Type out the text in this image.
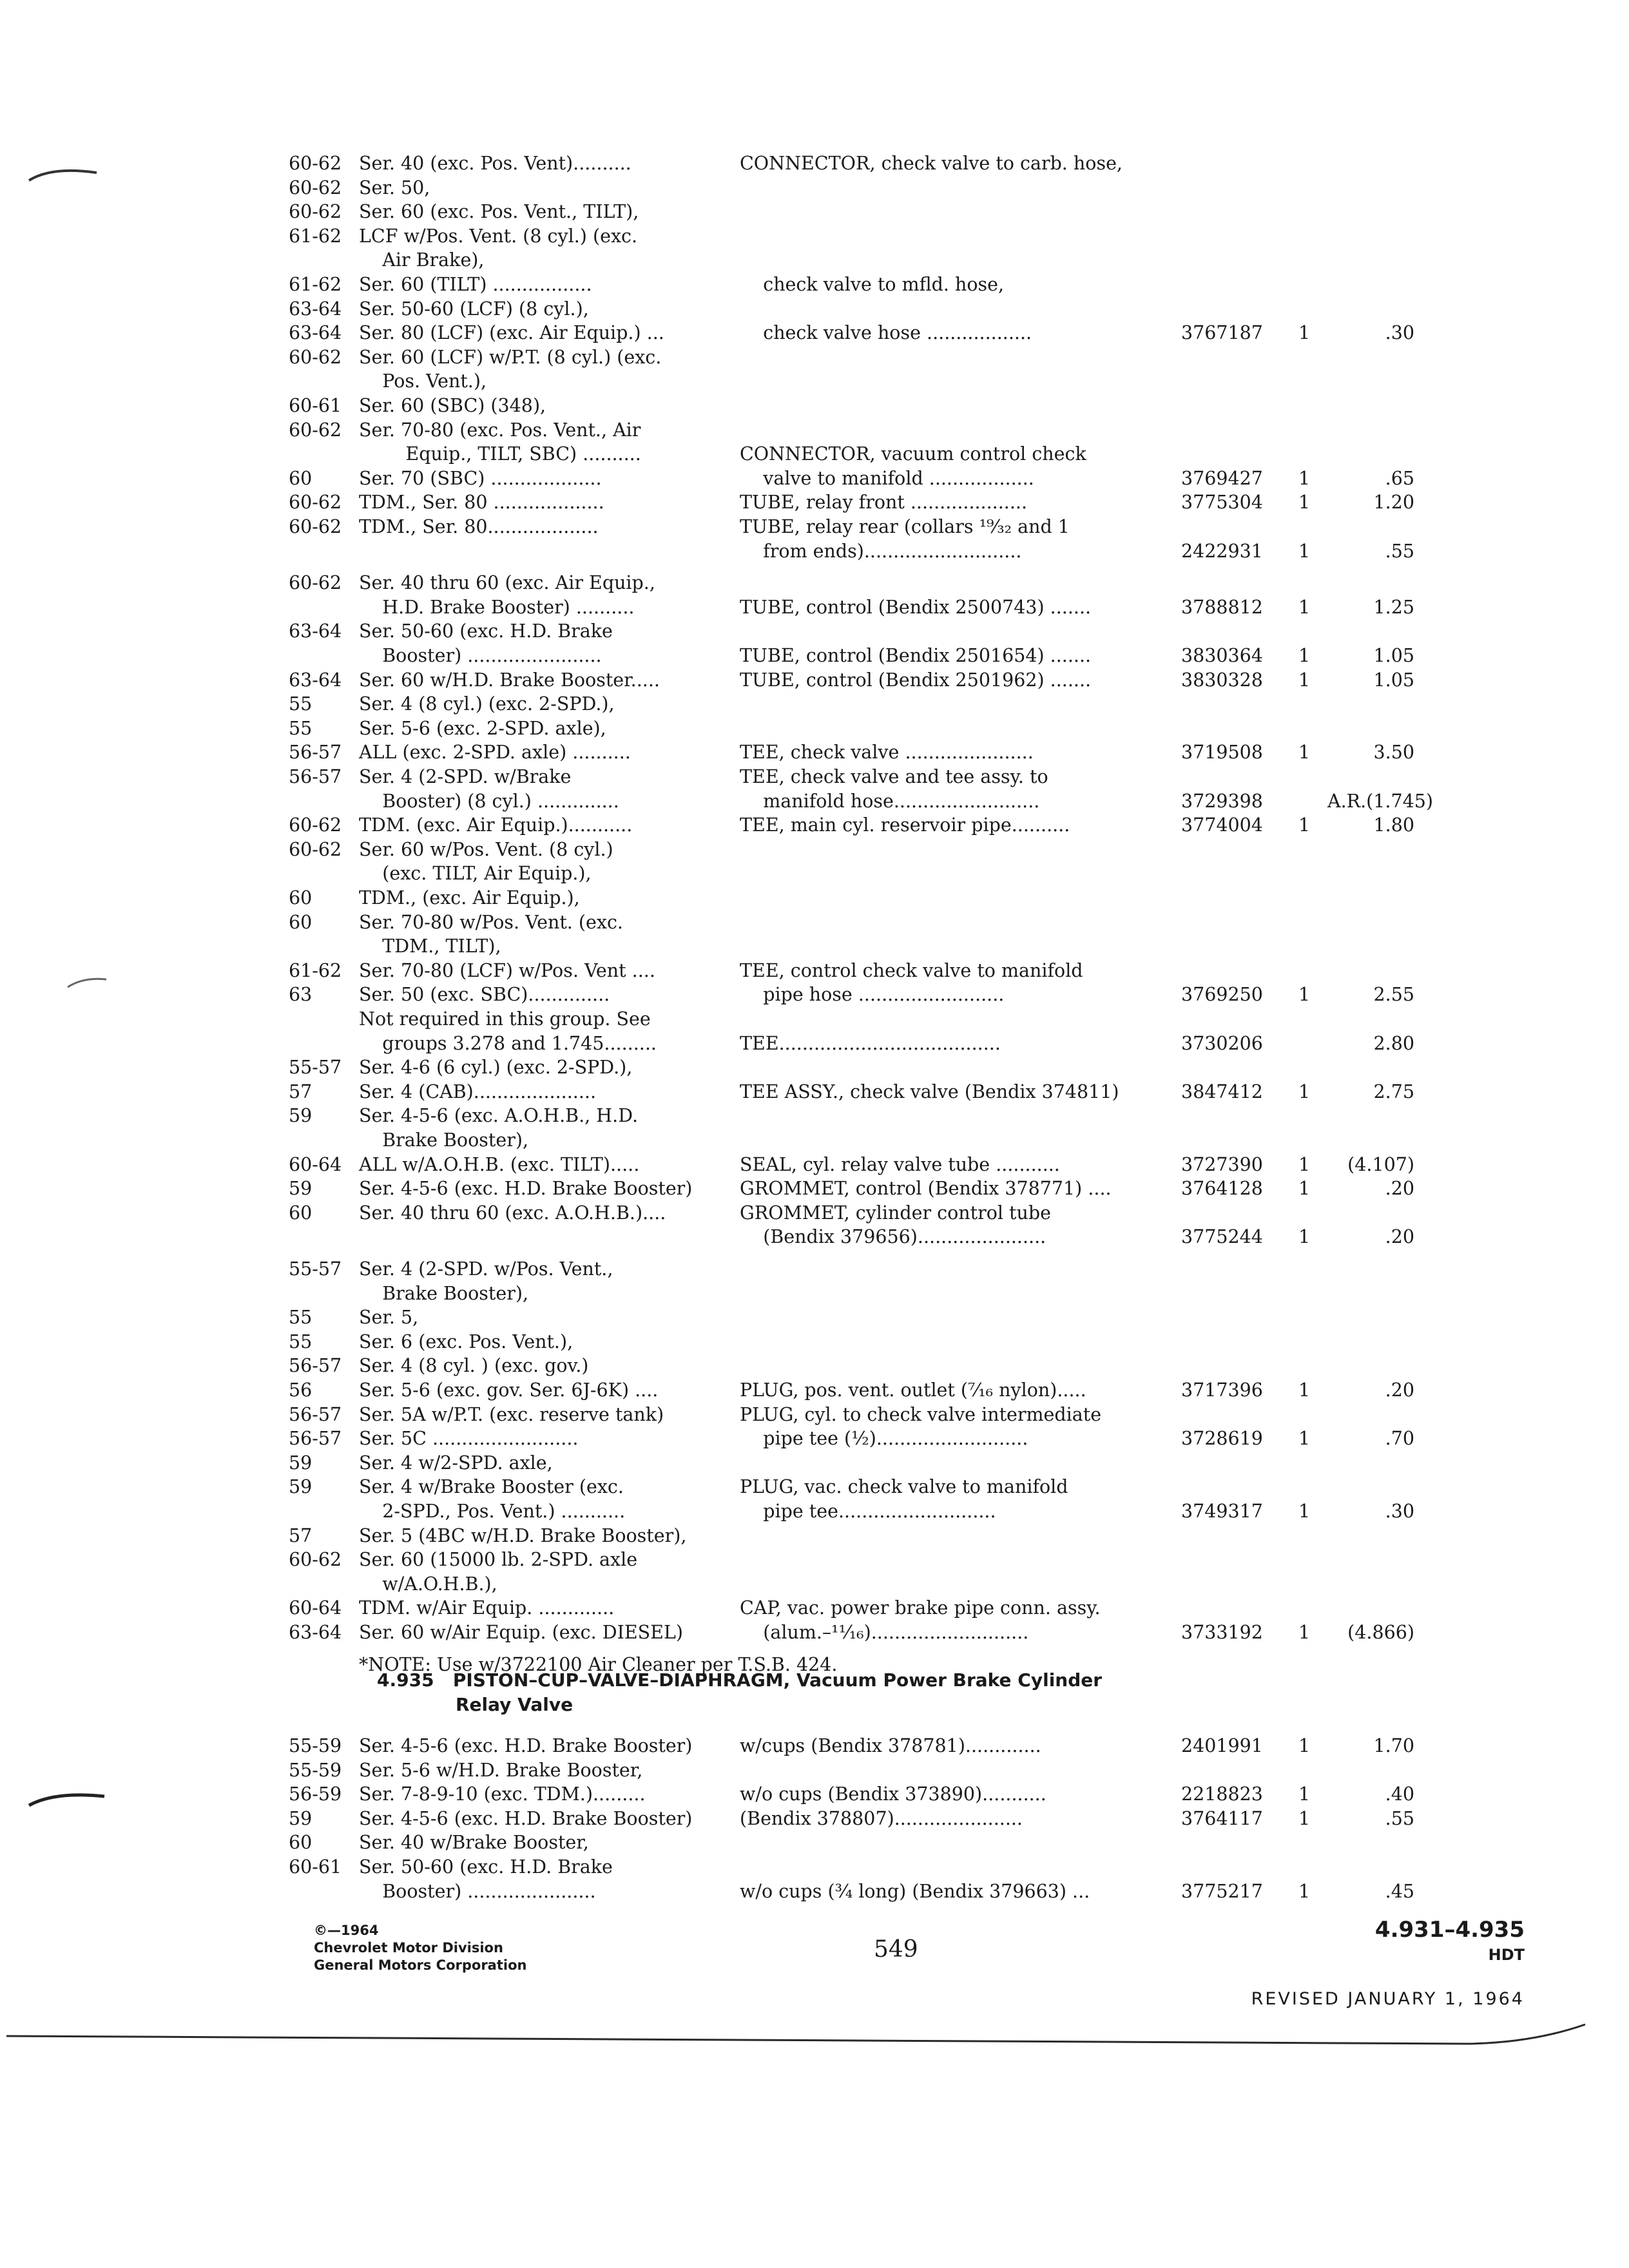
60-62 Ser. 40 (exc. Pos. Vent)..........	CONNECTOR, check valve to carb. hose,
60-62 Ser. 50,
60-62 Ser. 60 (exc. Pos. Vent., TILT),
61-62 LCF w/Pos. Vent. (8 cyl.) (exc.
Air Brake),
61-62 Ser. 60 (TILT) .................	check valve to mfld. hose,
63-64 Ser. 50-60 (LCF) (8 cyl.),
63-64 Ser. 80 (LCF) (exc. Air Equip.) ...	check valve hose ..................	3767187 1	.30
60-62 Ser. 60 (LCF) w/P.T. (8 cyl.) (exc.
Pos. Vent.),
60-61 Ser. 60 (SBC) (348),
60-62 Ser. 70-80 (exc. Pos. Vent., Air
Equip., TILT, SBC) ..........	CONNECTOR, vacuum control check
60	Ser. 70 (SBC) ...................	valve to manifold ..................	3769427 1	.65
60-62 TDM., Ser. 80 ...................	TUBE, relay front ....................	3775304 1	1.20
60-62 TDM., Ser. 80...................	TUBE, relay rear (collars ¹⁹⁄₃₂ and 1
from ends)...........................	2422931 1	.55
60-62 Ser. 40 thru 60 (exc. Air Equip.,
H.D. Brake Booster) ..........	TUBE, control (Bendix 2500743) .......	3788812 1	1.25
63-64 Ser. 50-60 (exc. H.D. Brake
Booster) .......................	TUBE, control (Bendix 2501654) .......	3830364 1	1.05
63-64 Ser. 60 w/H.D. Brake Booster.....	TUBE, control (Bendix 2501962) .......	3830328 1	1.05
55	Ser. 4 (8 cyl.) (exc. 2-SPD.),
55	Ser. 5-6 (exc. 2-SPD. axle),
56-57 ALL (exc. 2-SPD. axle) ..........	TEE, check valve ......................	3719508 1	3.50
56-57 Ser. 4 (2-SPD. w/Brake	TEE, check valve and tee assy. to
Booster) (8 cyl.) ..............	manifold hose.........................	3729398	A.R.(1.745)
60-62 TDM. (exc. Air Equip.)...........	TEE, main cyl. reservoir pipe..........	3774004 1	1.80
60-62 Ser. 60 w/Pos. Vent. (8 cyl.)
(exc. TILT, Air Equip.),
60	TDM., (exc. Air Equip.),
60	Ser. 70-80 w/Pos. Vent. (exc.
TDM., TILT),
61-62 Ser. 70-80 (LCF) w/Pos. Vent ....	TEE, control check valve to manifold
63	Ser. 50 (exc. SBC)..............	pipe hose .........................	3769250 1	2.55
Not required in this group. See
groups 3.278 and 1.745.........	TEE......................................	3730206	2.80
55-57 Ser. 4-6 (6 cyl.) (exc. 2-SPD.),
57	Ser. 4 (CAB).....................	TEE ASSY., check valve (Bendix 374811)	3847412 1	2.75
59	Ser. 4-5-6 (exc. A.O.H.B., H.D.
Brake Booster),
60-64 ALL w/A.O.H.B. (exc. TILT).....	SEAL, cyl. relay valve tube ...........	3727390 1	(4.107)
59	Ser. 4-5-6 (exc. H.D. Brake Booster)	GROMMET, control (Bendix 378771) ....	3764128 1	.20
60	Ser. 40 thru 60 (exc. A.O.H.B.)....	GROMMET, cylinder control tube
(Bendix 379656)......................	3775244 1	.20
55-57 Ser. 4 (2-SPD. w/Pos. Vent.,
Brake Booster),
55	Ser. 5,
55	Ser. 6 (exc. Pos. Vent.),
56-57 Ser. 4 (8 cyl. ) (exc. gov.)
56	Ser. 5-6 (exc. gov. Ser. 6J-6K) ....	PLUG, pos. vent. outlet (⁷⁄₁₆ nylon).....	3717396 1	.20
56-57 Ser. 5A w/P.T. (exc. reserve tank)	PLUG, cyl. to check valve intermediate
56-57 Ser. 5C .........................	pipe tee (½)..........................	3728619 1	.70
59	Ser. 4 w/2-SPD. axle,
59	Ser. 4 w/Brake Booster (exc.	PLUG, vac. check valve to manifold
2-SPD., Pos. Vent.) ...........	pipe tee...........................	3749317 1	.30
57	Ser. 5 (4BC w/H.D. Brake Booster),
60-62 Ser. 60 (15000 lb. 2-SPD. axle
w/A.O.H.B.),
60-64 TDM. w/Air Equip. .............	CAP, vac. power brake pipe conn. assy.
63-64 Ser. 60 w/Air Equip. (exc. DIESEL)	(alum.–¹¹⁄₁₆)...........................	3733192 1	(4.866)
*NOTE: Use w/3722100 Air Cleaner per T.S.B. 424.
55-59 Ser. 4-5-6 (exc. H.D. Brake Booster)	w/cups (Bendix 378781).............	2401991 1	1.70
55-59 Ser. 5-6 w/H.D. Brake Booster,
56-59 Ser. 7-8-9-10 (exc. TDM.).........	w/o cups (Bendix 373890)...........	2218823 1	.40
59	Ser. 4-5-6 (exc. H.D. Brake Booster)	(Bendix 378807)......................	3764117 1	.55
60	Ser. 40 w/Brake Booster,
60-61 Ser. 50-60 (exc. H.D. Brake
Booster) ......................	w/o cups (¾ long) (Bendix 379663) ...	3775217 1	.45
4.935 PISTON–CUP–VALVE–DIAPHRAGM, Vacuum Power Brake Cylinder
Relay Valve
©—1964
Chevrolet Motor Division
General Motors Corporation
549
4.931–4.935
HDT
REVISED JANUARY 1, 1964
